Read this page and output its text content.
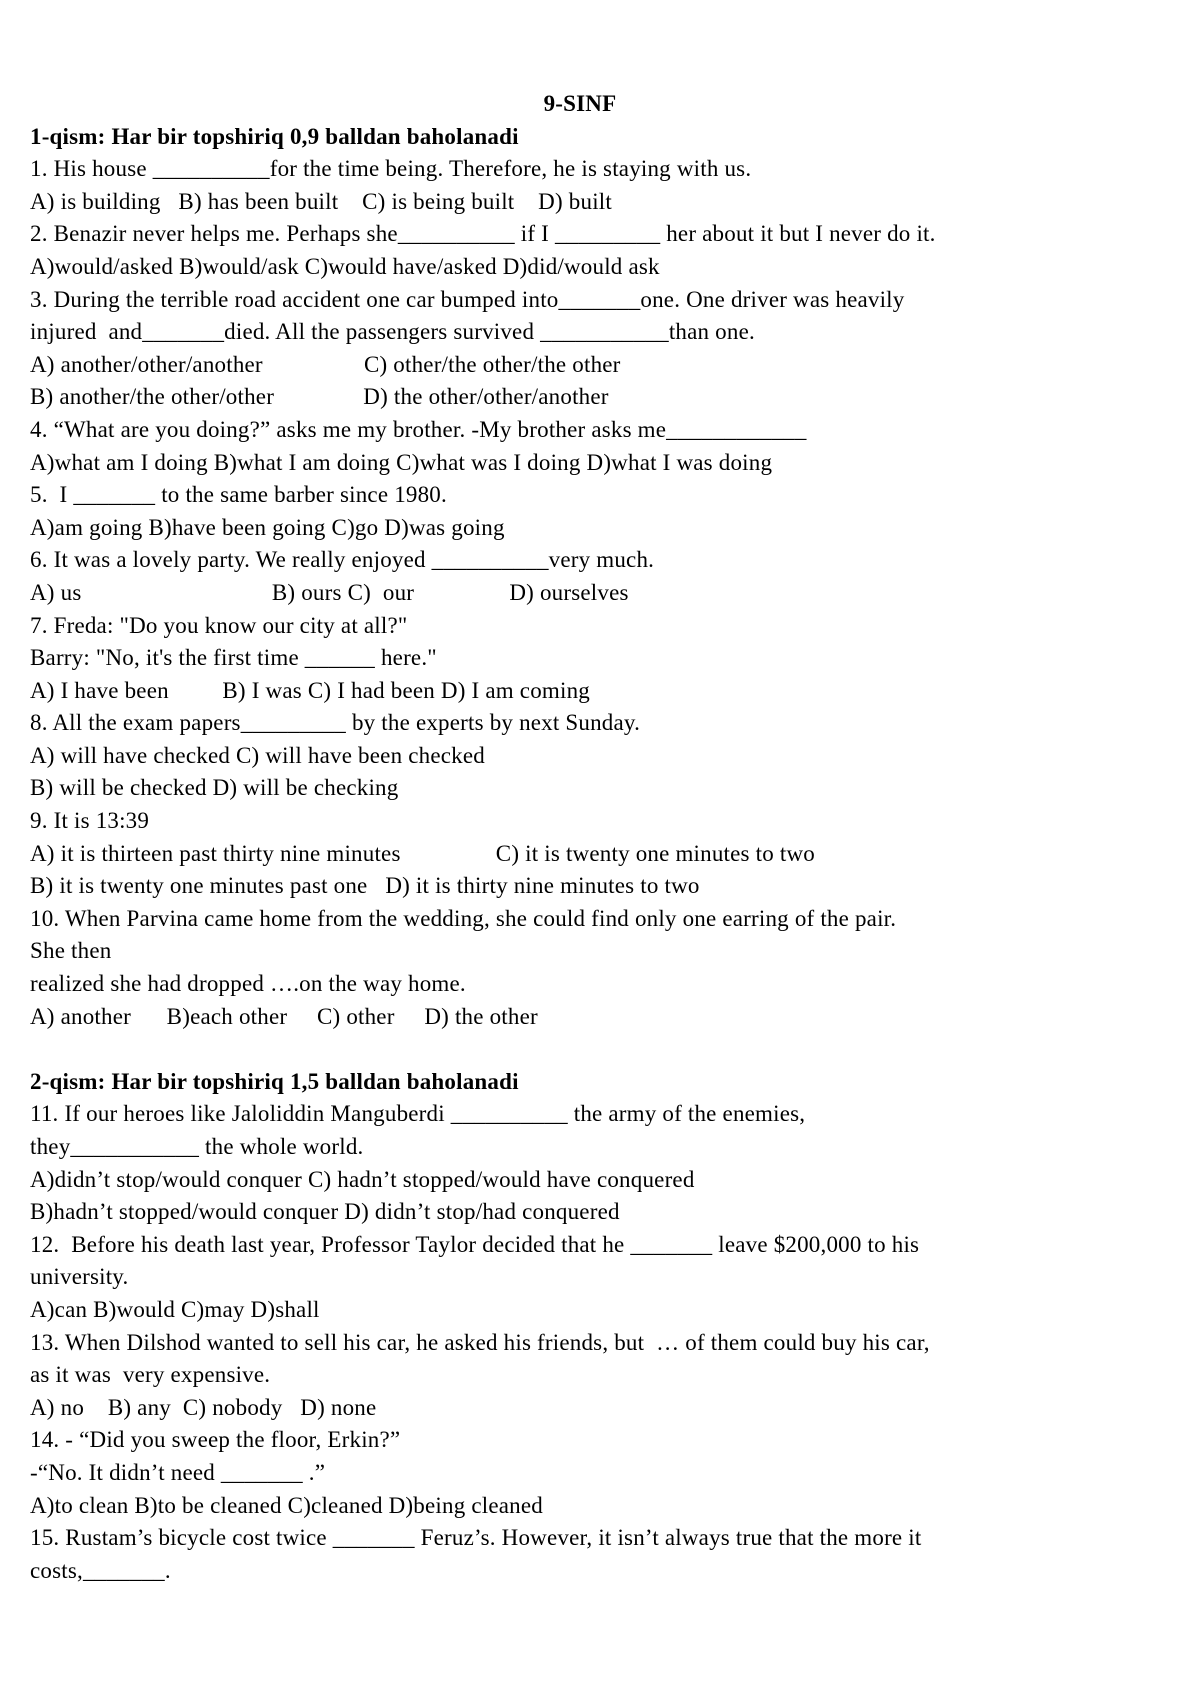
9-SINF
1-qism: Har bir topshiriq 0,9 balldan baholanadi
1. His house __________for the time being. Therefore, he is staying with us.
A) is building   B) has been built    C) is being built    D) built
2. Benazir never helps me. Perhaps she__________ if I _________ her about it but I never do it.
A)would/asked B)would/ask C)would have/asked D)did/would ask
3. During the terrible road accident one car bumped into_______one. One driver was heavily
injured  and_______died. All the passengers survived ___________than one.
A) another/other/another                 C) other/the other/the other
B) another/the other/other               D) the other/other/another
4. “What are you doing?” asks me my brother. -My brother asks me____________
A)what am I doing B)what I am doing C)what was I doing D)what I was doing
5.  I _______ to the same barber since 1980.
A)am going B)have been going C)go D)was going
6. It was a lovely party. We really enjoyed __________very much.
A) us                                B) ours C)  our                D) ourselves
7. Freda: "Do you know our city at all?"
Barry: "No, it's the first time ______ here."
A) I have been         B) I was C) I had been D) I am coming
8. All the exam papers_________ by the experts by next Sunday.
A) will have checked C) will have been checked
B) will be checked D) will be checking
9. It is 13:39
A) it is thirteen past thirty nine minutes                C) it is twenty one minutes to two
B) it is twenty one minutes past one   D) it is thirty nine minutes to two
10. When Parvina came home from the wedding, she could find only one earring of the pair.
She then
realized she had dropped ….on the way home.
A) another      B)each other     C) other     D) the other
2-qism: Har bir topshiriq 1,5 balldan baholanadi
11. If our heroes like Jaloliddin Manguberdi __________ the army of the enemies,
they___________ the whole world.
A)didn’t stop/would conquer C) hadn’t stopped/would have conquered
B)hadn’t stopped/would conquer D) didn’t stop/had conquered
12.  Before his death last year, Professor Taylor decided that he _______ leave $200,000 to his
university.
A)can B)would C)may D)shall
13. When Dilshod wanted to sell his car, he asked his friends, but  … of them could buy his car,
as it was  very expensive.
A) no    B) any  C) nobody   D) none
14. - “Did you sweep the floor, Erkin?”
-“No. It didn’t need _______ .”
A)to clean B)to be cleaned C)cleaned D)being cleaned
15. Rustam’s bicycle cost twice _______ Feruz’s. However, it isn’t always true that the more it
costs,_______.
